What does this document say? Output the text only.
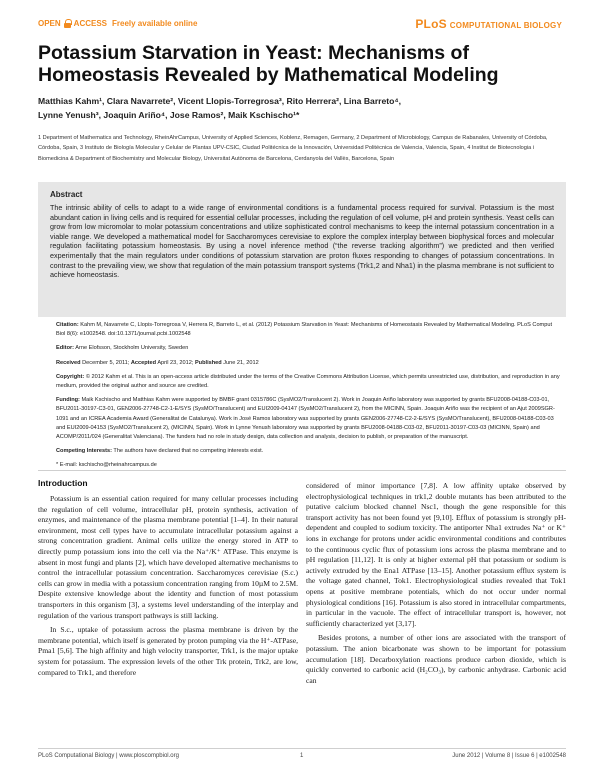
OPEN ACCESS Freely available online	PLoS COMPUTATIONAL BIOLOGY
Potassium Starvation in Yeast: Mechanisms of Homeostasis Revealed by Mathematical Modeling
Matthias Kahm¹, Clara Navarrete², Vicent Llopis-Torregrosa³, Rito Herrera², Lina Barreto⁴,
Lynne Yenush³, Joaquin Ariño⁴, Jose Ramos², Maik Kschischo¹*
1 Department of Mathematics and Technology, RheinAhrCampus, University of Applied Sciences, Koblenz, Remagen, Germany, 2 Department of Microbiology, Campus de Rabanales, University of Córdoba, Córdoba, Spain, 3 Instituto de Biología Molecular y Celular de Plantas UPV-CSIC, Ciudad Politécnica de la Innovación, Universidad Politécnica de Valencia, Valencia, Spain, 4 Institut de Biotecnologia i Biomedicina & Department of Biochemistry and Molecular Biology, Universitat Autònoma de Barcelona, Cerdanyola del Vallès, Barcelona, Spain
Abstract
The intrinsic ability of cells to adapt to a wide range of environmental conditions is a fundamental process required for survival. Potassium is the most abundant cation in living cells and is required for essential cellular processes, including the regulation of cell volume, pH and protein synthesis. Yeast cells can grow from low micromolar to molar potassium concentrations and utilize sophisticated control mechanisms to keep the internal potassium concentration in a viable range. We developed a mathematical model for Saccharomyces cerevisiae to explore the complex interplay between biophysical forces and molecular regulation facilitating potassium homeostasis. By using a novel inference method (“the reverse tracking algorithm”) we predicted and then verified experimentally that the main regulators under conditions of potassium starvation are proton fluxes responding to changes of potassium concentrations. In contrast to the prevailing view, we show that regulation of the main potassium transport systems (Trk1,2 and Nha1) in the plasma membrane is not sufficient to achieve homeostasis.

Citation: Kahm M, Navarrete C, Llopis-Torregrosa V, Herrera R, Barreto L, et al. (2012) Potassium Starvation in Yeast: Mechanisms of Homeostasis Revealed by Mathematical Modeling. PLoS Comput Biol 8(6): e1002548. doi:10.1371/journal.pcbi.1002548

Editor: Arne Elofsson, Stockholm University, Sweden

Received December 5, 2011; Accepted April 23, 2012; Published June 21, 2012

Copyright: © 2012 Kahm et al. This is an open-access article distributed under the terms of the Creative Commons Attribution License, which permits unrestricted use, distribution, and reproduction in any medium, provided the original author and source are credited.

Funding: Maik Kschischo and Matthias Kahm were supported by BMBF grant 0315786C (SysMO2/Translucent 2). Work in Joaquin Ariño laboratory was supported by grants BFU2008-04188-C03-01, BFU2011-30197-C3-01, GEN2006-27748-C2-1-E/SYS (SysMO/Translucent) and EUI2009-04147 (SysMO2/Translucent 2), from the MICINN, Spain. Joaquin Ariño was the recipient of an Ajut 2009SGR-1091 and an ICREA Academia Award (Generalitat de Catalunya). Work in José Ramos laboratory was supported by grants GEN2006-27748-C2-2-E/SYS (SysMO/Translucent), BFU2008-04188-C03-03 and EUI2009-04153 (SysMO2/Translucent 2), (MICINN, Spain). Work in Lynne Yenush laboratory was supported by grants BFU2008-04188-C03-02, BFU2011-30197-C03-03 (MICINN, Spain) and ACOMP/2011/024 (Generalitat Valenciana). The funders had no role in study design, data collection and analysis, decision to publish, or preparation of the manuscript.

Competing Interests: The authors have declared that no competing interests exist.

* E-mail: kschischo@rheinahrcampus.de

Introduction

Potassium is an essential cation required for many cellular processes including the regulation of cell volume, intracellular pH, protein synthesis, activation of enzymes, and maintenance of the plasma membrane potential [1–4]. In their natural environment, most cell types have to accumulate intracellular potassium against a strong concentration gradient. Animal cells utilize the energy stored in ATP to directly pump potassium ions into the cell via the Na⁺/K⁺ ATPase. This enzyme is absent in most fungi and plants [2], which have developed alternative mechanisms to control the intracellular potassium concentration. Saccharomyces cerevisiae (S.c.) cells can grow in media with a potassium concentration ranging from 10µM to 2.5M. Despite extensive knowledge about the identity and function of most potassium transporters in this organism [3], a systems level understanding of the interplay and regulation of the various transport pathways is still lacking.

In S.c., uptake of potassium across the plasma membrane is driven by the membrane potential, which itself is generated by proton pumping via the H⁺-ATPase, Pma1 [5,6]. The high affinity and high velocity transporter, Trk1, is the major uptake system for potassium. The expression levels of the other Trk protein, Trk2, are low, compared to Trk1, and therefore

considered of minor importance [7,8]. A low affinity uptake observed by electrophysiological techniques in trk1,2 double mutants has been attributed to the putative calcium blocked channel Nsc1, though the gene responsible for this transport activity has not been found yet [9,10]. Efflux of potassium is strongly pH-dependent and coupled to sodium toxicity. The antiporter Nha1 extrudes Na⁺ or K⁺ ions in exchange for protons under acidic environmental conditions and contributes to the continuous cyclic flux of potassium ions across the plasma membrane and to pH regulation [11,12]. It is only at higher external pH that potassium or sodium is actively extruded by the Ena1 ATPase [13–15]. Another potassium efflux system is the voltage gated channel, Tok1. Electrophysiological studies revealed that Tok1 opens at positive membrane potentials, which do not occur under normal physiological conditions [16]. Potassium is also stored in intracellular compartments, in particular in the vacuole. The effect of intracellular transport is, however, not sufficiently characterized yet [3,17].

Besides protons, a number of other ions are associated with the transport of potassium. The anion bicarbonate was shown to be important for potassium accumulation [18]. Decarboxylation reactions produce carbon dioxide, which is quickly converted to carbonic acid (H₂CO₃), by carbonic anhydrase. Carbonic acid can

PLoS Computational Biology | www.ploscompbiol.org	1	June 2012 | Volume 8 | Issue 6 | e1002548
